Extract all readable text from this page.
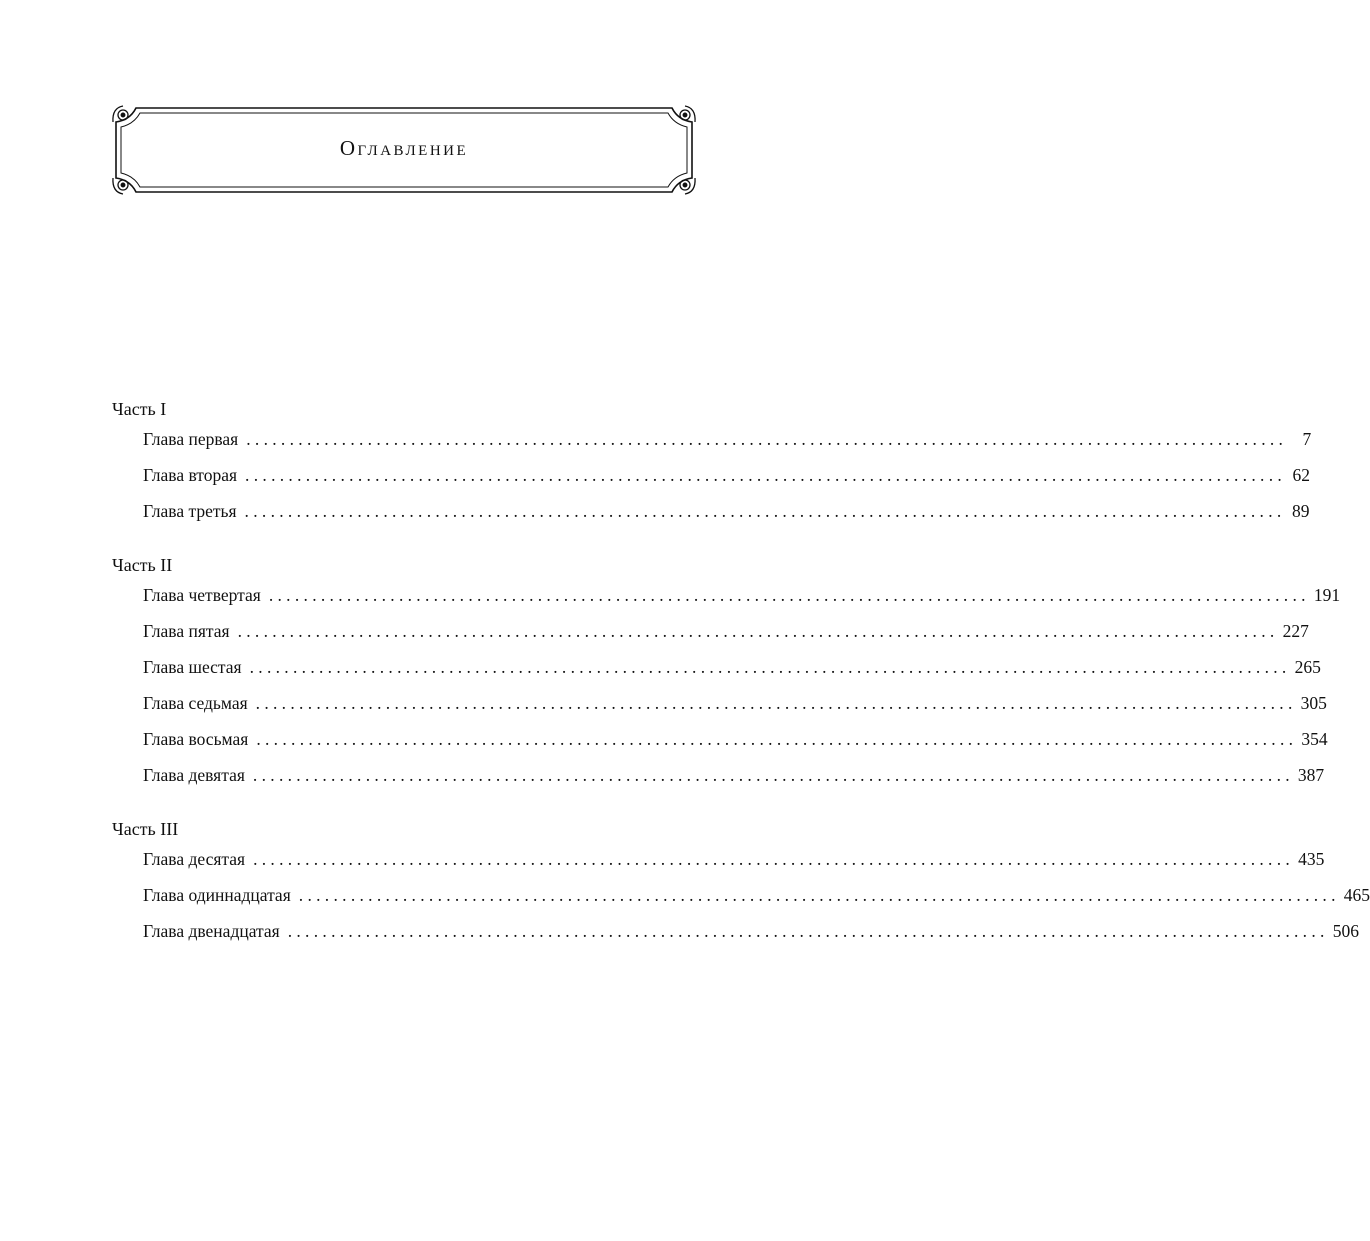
Оглавление
Часть I
Глава первая ........................................................................................................................ 7
Глава вторая ........................................................................................................................ 62
Глава третья ........................................................................................................................ 89
Часть II
Глава четвертая ........................................................................................................................ 191
Глава пятая ........................................................................................................................ 227
Глава шестая ........................................................................................................................ 265
Глава седьмая ........................................................................................................................ 305
Глава восьмая ........................................................................................................................ 354
Глава девятая ........................................................................................................................ 387
Часть III
Глава десятая ........................................................................................................................ 435
Глава одиннадцатая ........................................................................................................................ 465
Глава двенадцатая ........................................................................................................................ 506
